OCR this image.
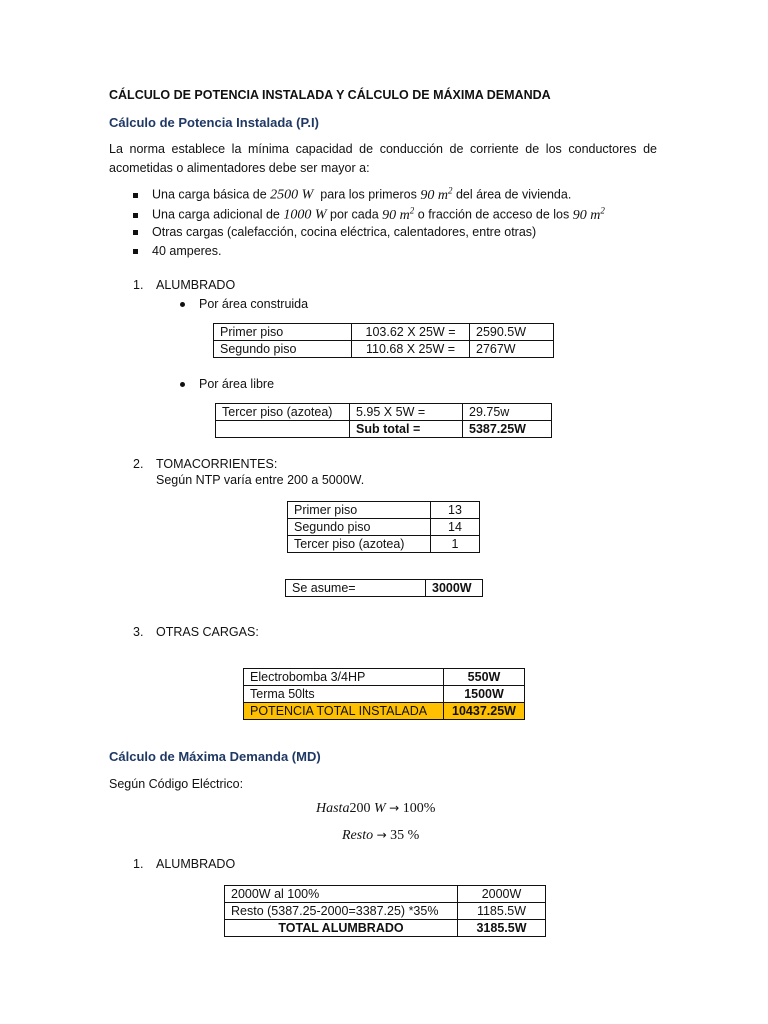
CÁLCULO DE POTENCIA INSTALADA Y CÁLCULO DE MÁXIMA DEMANDA
Cálculo de Potencia Instalada (P.I)
La norma establece la mínima capacidad de conducción de corriente de los conductores de acometidas o alimentadores debe ser mayor a:
Una carga básica de 2500 W para los primeros 90 $m^2$ del área de vivienda.
Una carga adicional de 1000 W por cada 90 $m^2$ o fracción de acceso de los 90 $m^2$
Otras cargas (calefacción, cocina eléctrica, calentadores, entre otras)
40 amperes.
1. ALUMBRADO
Por área construida
Primer piso	103.62 X 25W =	2590.5W
Segundo piso	110.68 X 25W =	2767W
Por área libre
Tercer piso (azotea)	5.95 X 5W =	29.75w
	Sub total =	5387.25W
2. TOMACORRIENTES:
Según NTP varía entre 200 a 5000W.
Primer piso	13
Segundo piso	14
Tercer piso (azotea)	1
Se asume=	3000W
3. OTRAS CARGAS:
Electrobomba 3/4HP	550W
Terma 50lts	1500W
POTENCIA TOTAL INSTALADA	10437.25W
Cálculo de Máxima Demanda (MD)
Según Código Eléctrico:
Hasta200 W → 100%
Resto → 35 %
1. ALUMBRADO
2000W al 100%	2000W
Resto (5387.25-2000=3387.25) *35%	1185.5W
TOTAL ALUMBRADO	3185.5W
